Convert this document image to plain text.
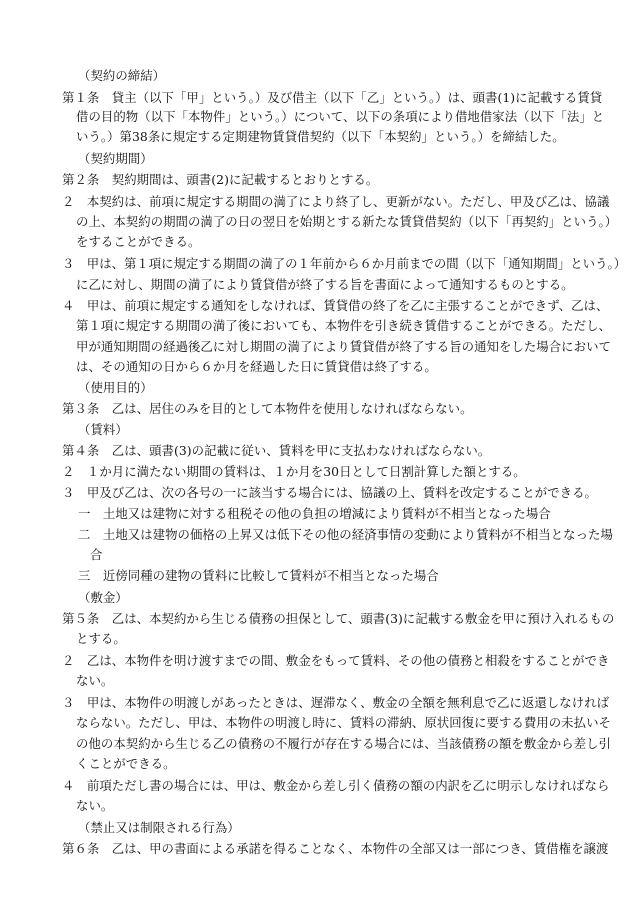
（契約の締結）
第１条　貸主（以下「甲」という。）及び借主（以下「乙」という。）は、頭書(1)に記載する賃貸
借の目的物（以下「本物件」という。）について、以下の条項により借地借家法（以下「法」と
いう。）第38条に規定する定期建物賃貸借契約（以下「本契約」という。）を締結した。
（契約期間）
第２条　契約期間は、頭書(2)に記載するとおりとする。
２　本契約は、前項に規定する期間の満了により終了し、更新がない。ただし、甲及び乙は、協議
の上、本契約の期間の満了の日の翌日を始期とする新たな賃貸借契約（以下「再契約」という。）
をすることができる。
３　甲は、第１項に規定する期間の満了の１年前から６か月前までの間（以下「通知期間」という。）
に乙に対し、期間の満了により賃貸借が終了する旨を書面によって通知するものとする。
４　甲は、前項に規定する通知をしなければ、賃貸借の終了を乙に主張することができず、乙は、
第１項に規定する期間の満了後においても、本物件を引き続き賃借することができる。ただし、
甲が通知期間の経過後乙に対し期間の満了により賃貸借が終了する旨の通知をした場合において
は、その通知の日から６か月を経過した日に賃貸借は終了する。
（使用目的）
第３条　乙は、居住のみを目的として本物件を使用しなければならない。
（賃料）
第４条　乙は、頭書(3)の記載に従い、賃料を甲に支払わなければならない。
２　１か月に満たない期間の賃料は、１か月を30日として日割計算した額とする。
３　甲及び乙は、次の各号の一に該当する場合には、協議の上、賃料を改定することができる。
一　土地又は建物に対する租税その他の負担の増減により賃料が不相当となった場合
二　土地又は建物の価格の上昇又は低下その他の経済事情の変動により賃料が不相当となった場
合
三　近傍同種の建物の賃料に比較して賃料が不相当となった場合
（敷金）
第５条　乙は、本契約から生じる債務の担保として、頭書(3)に記載する敷金を甲に預け入れるもの
とする。
２　乙は、本物件を明け渡すまでの間、敷金をもって賃料、その他の債務と相殺をすることができ
ない。
３　甲は、本物件の明渡しがあったときは、遅滞なく、敷金の全額を無利息で乙に返還しなければ
ならない。ただし、甲は、本物件の明渡し時に、賃料の滞納、原状回復に要する費用の未払いそ
の他の本契約から生じる乙の債務の不履行が存在する場合には、当該債務の額を敷金から差し引
くことができる。
４　前項ただし書の場合には、甲は、敷金から差し引く債務の額の内訳を乙に明示しなければなら
ない。
（禁止又は制限される行為）
第６条　乙は、甲の書面による承諾を得ることなく、本物件の全部又は一部につき、賃借権を譲渡
